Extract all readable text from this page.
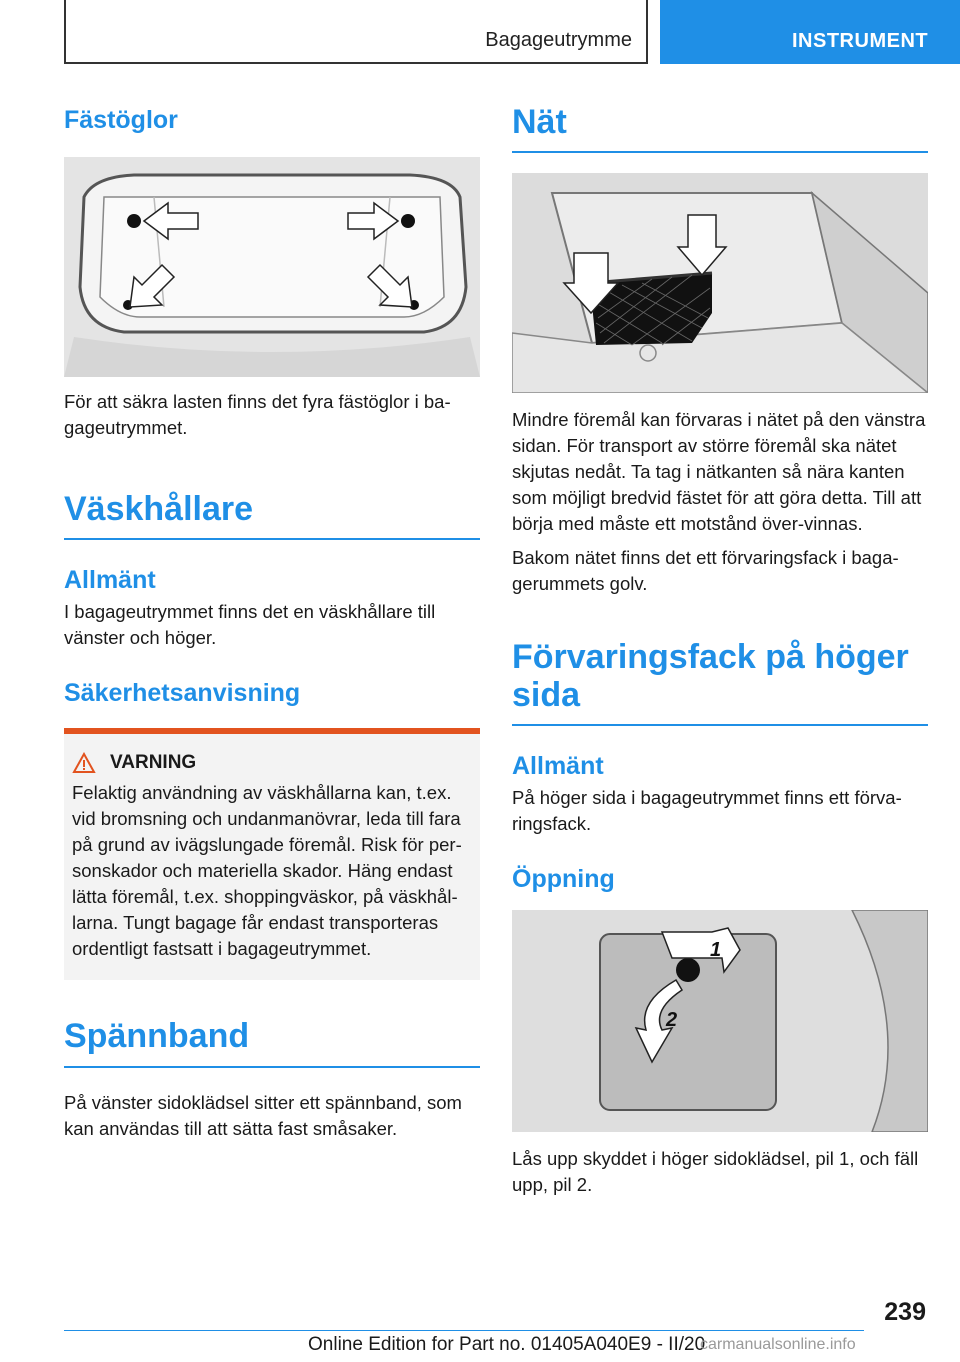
Bagageutrymme	INSTRUMENT
Fästöglor

För att säkra lasten finns det fyra fästöglor i ba-gageutrymmet.

Väskhållare
Allmänt

I bagageutrymmet finns det en väskhållare till vänster och höger.

Säkerhetsanvisning
VARNING

Felaktig användning av väskhållarna kan, t.ex. vid bromsning och undanmanövrar, leda till fara på grund av ivägslungade föremål. Risk för per-sonskador och materiella skador. Häng endast lätta föremål, t.ex. shoppingväskor, på väskhål-larna. Tungt bagage får endast transporteras ordentligt fastsatt i bagageutrymmet.

Spännband

På vänster sidoklädsel sitter ett spännband, som kan användas till att sätta fast småsaker.

Nät

Mindre föremål kan förvaras i nätet på den vänstra sidan. För transport av större föremål ska nätet skjutas nedåt. Ta tag i nätkanten så nära kanten som möjligt bredvid fästet för att göra detta. Till att börja med måste ett motstånd över-vinnas.

Bakom nätet finns det ett förvaringsfack i baga-gerummets golv.

Förvaringsfack på höger sida
Allmänt

På höger sida i bagageutrymmet finns ett förva-ringsfack.

Öppning
1
2

Lås upp skyddet i höger sidoklädsel, pil 1, och fäll upp, pil 2.

239
Online Edition for Part no. 01405A040E9 - II/20
carmanualsonline.info
